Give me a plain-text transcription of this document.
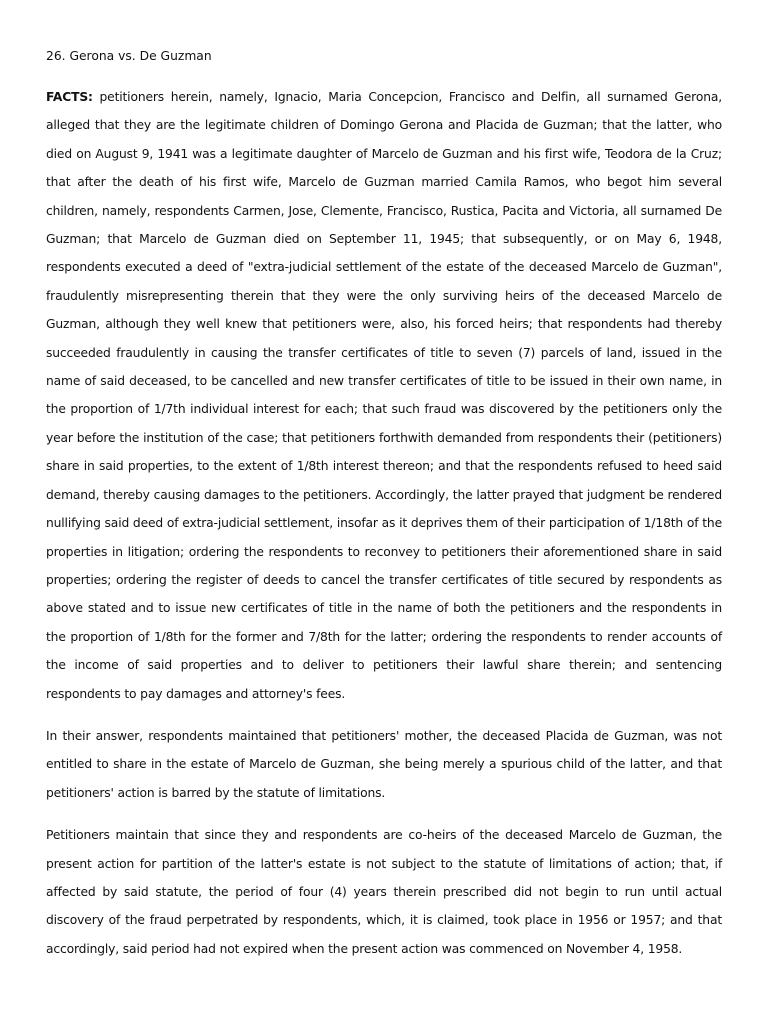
26. Gerona vs. De Guzman

FACTS: petitioners herein, namely, Ignacio, Maria Concepcion, Francisco and Delfin, all surnamed Gerona, alleged that they are the legitimate children of Domingo Gerona and Placida de Guzman; that the latter, who died on August 9, 1941 was a legitimate daughter of Marcelo de Guzman and his first wife, Teodora de la Cruz; that after the death of his first wife, Marcelo de Guzman married Camila Ramos, who begot him several children, namely, respondents Carmen, Jose, Clemente, Francisco, Rustica, Pacita and Victoria, all surnamed De Guzman; that Marcelo de Guzman died on September 11, 1945; that subsequently, or on May 6, 1948, respondents executed a deed of "extra-judicial settlement of the estate of the deceased Marcelo de Guzman", fraudulently misrepresenting therein that they were the only surviving heirs of the deceased Marcelo de Guzman, although they well knew that petitioners were, also, his forced heirs; that respondents had thereby succeeded fraudulently in causing the transfer certificates of title to seven (7) parcels of land, issued in the name of said deceased, to be cancelled and new transfer certificates of title to be issued in their own name, in the proportion of 1/7th individual interest for each; that such fraud was discovered by the petitioners only the year before the institution of the case; that petitioners forthwith demanded from respondents their (petitioners) share in said properties, to the extent of 1/8th interest thereon; and that the respondents refused to heed said demand, thereby causing damages to the petitioners. Accordingly, the latter prayed that judgment be rendered nullifying said deed of extra-judicial settlement, insofar as it deprives them of their participation of 1/18th of the properties in litigation; ordering the respondents to reconvey to petitioners their aforementioned share in said properties; ordering the register of deeds to cancel the transfer certificates of title secured by respondents as above stated and to issue new certificates of title in the name of both the petitioners and the respondents in the proportion of 1/8th for the former and 7/8th for the latter; ordering the respondents to render accounts of the income of said properties and to deliver to petitioners their lawful share therein; and sentencing respondents to pay damages and attorney's fees.

In their answer, respondents maintained that petitioners' mother, the deceased Placida de Guzman, was not entitled to share in the estate of Marcelo de Guzman, she being merely a spurious child of the latter, and that petitioners' action is barred by the statute of limitations.

Petitioners maintain that since they and respondents are co-heirs of the deceased Marcelo de Guzman, the present action for partition of the latter's estate is not subject to the statute of limitations of action; that, if affected by said statute, the period of four (4) years therein prescribed did not begin to run until actual discovery of the fraud perpetrated by respondents, which, it is claimed, took place in 1956 or 1957; and that accordingly, said period had not expired when the present action was commenced on November 4, 1958.
